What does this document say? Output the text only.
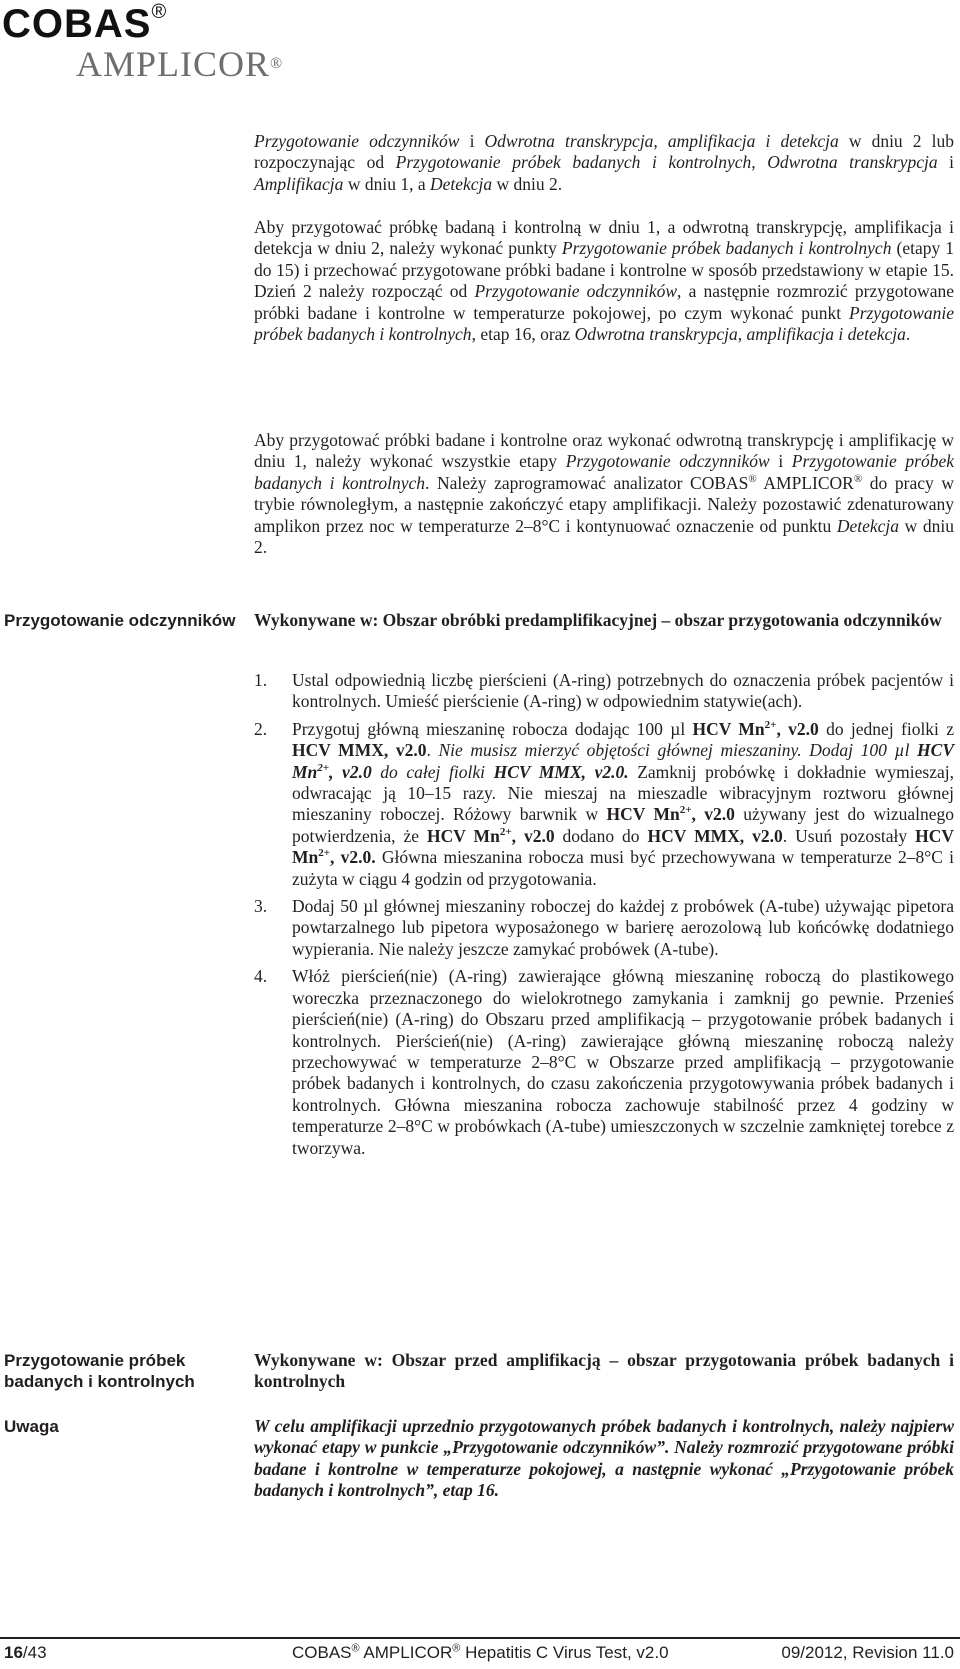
COBAS®
AMPLICOR®

Przygotowanie odczynników i Odwrotna transkrypcja, amplifikacja i detekcja w dniu 2 lub rozpoczynając od Przygotowanie próbek badanych i kontrolnych, Odwrotna transkrypcja i Amplifikacja w dniu 1, a Detekcja w dniu 2.

Aby przygotować próbkę badaną i kontrolną w dniu 1, a odwrotną transkrypcję, amplifikacja i detekcja w dniu 2, należy wykonać punkty Przygotowanie próbek badanych i kontrolnych (etapy 1 do 15) i przechować przygotowane próbki badane i kontrolne w sposób przedstawiony w etapie 15. Dzień 2 należy rozpocząć od Przygotowanie odczynników, a następnie rozmrozić przygotowane próbki badane i kontrolne w temperaturze pokojowej, po czym wykonać punkt Przygotowanie próbek badanych i kontrolnych, etap 16, oraz Odwrotna transkrypcja, amplifikacja i detekcja.

Aby przygotować próbki badane i kontrolne oraz wykonać odwrotną transkrypcję i amplifikację w dniu 1, należy wykonać wszystkie etapy Przygotowanie odczynników i Przygotowanie próbek badanych i kontrolnych. Należy zaprogramować analizator COBAS® AMPLICOR® do pracy w trybie równoległym, a następnie zakończyć etapy amplifikacji. Należy pozostawić zdenaturowany amplikon przez noc w temperaturze 2–8°C i kontynuować oznaczenie od punktu Detekcja w dniu 2.

Przygotowanie odczynników Wykonywane w: Obszar obróbki predamplifikacyjnej – obszar przygotowania odczynników
1. Ustal odpowiednią liczbę pierścieni (A-ring) potrzebnych do oznaczenia próbek pacjentów i kontrolnych. Umieść pierścienie (A-ring) w odpowiednim statywie(ach).
2. Przygotuj główną mieszaninę robocza dodając 100 µl HCV $Mn^{2+}$, v2.0 do jednej fiolki z HCV MMX, v2.0. Nie musisz mierzyć objętości głównej mieszaniny. Dodaj 100 µl HCV $Mn^{2+}$, v2.0 do całej fiolki HCV MMX, v2.0. Zamknij probówkę i dokładnie wymieszaj, odwracając ją 10–15 razy. Nie mieszaj na mieszadle wibracyjnym roztworu głównej mieszaniny roboczej. Różowy barwnik w HCV $Mn^{2+}$, v2.0 używany jest do wizualnego potwierdzenia, że HCV $Mn^{2+}$, v2.0 dodano do HCV MMX, v2.0. Usuń pozostały HCV $Mn^{2+}$, v2.0. Główna mieszanina robocza musi być przechowywana w temperaturze 2–8°C i zużyta w ciągu 4 godzin od przygotowania.
3. Dodaj 50 µl głównej mieszaniny roboczej do każdej z probówek (A-tube) używając pipetora powtarzalnego lub pipetora wyposażonego w barierę aerozolową lub końcówkę dodatniego wypierania. Nie należy jeszcze zamykać probówek (A-tube).
4. Włóż pierścień(nie) (A-ring) zawierające główną mieszaninę roboczą do plastikowego woreczka przeznaczonego do wielokrotnego zamykania i zamknij go pewnie. Przenieś pierścień(nie) (A-ring) do Obszaru przed amplifikacją – przygotowanie próbek badanych i kontrolnych. Pierścień(nie) (A-ring) zawierające główną mieszaninę roboczą należy przechowywać w temperaturze 2–8°C w Obszarze przed amplifikacją – przygotowanie próbek badanych i kontrolnych, do czasu zakończenia przygotowywania próbek badanych i kontrolnych. Główna mieszanina robocza zachowuje stabilność przez 4 godziny w temperaturze 2–8°C w probówkach (A-tube) umieszczonych w szczelnie zamkniętej torebce z tworzywa.
Przygotowanie próbek badanych i kontrolnych
Wykonywane w: Obszar przed amplifikacją – obszar przygotowania próbek badanych i kontrolnych
Uwaga	W celu amplifikacji uprzednio przygotowanych próbek badanych i kontrolnych, należy najpierw wykonać etapy w punkcie „Przygotowanie odczynników”. Należy rozmrozić przygotowane próbki badane i kontrolne w temperaturze pokojowej, a następnie wykonać „Przygotowanie próbek badanych i kontrolnych”, etap 16.
16/43	COBAS® AMPLICOR® Hepatitis C Virus Test, v2.0	09/2012, Revision 11.0
